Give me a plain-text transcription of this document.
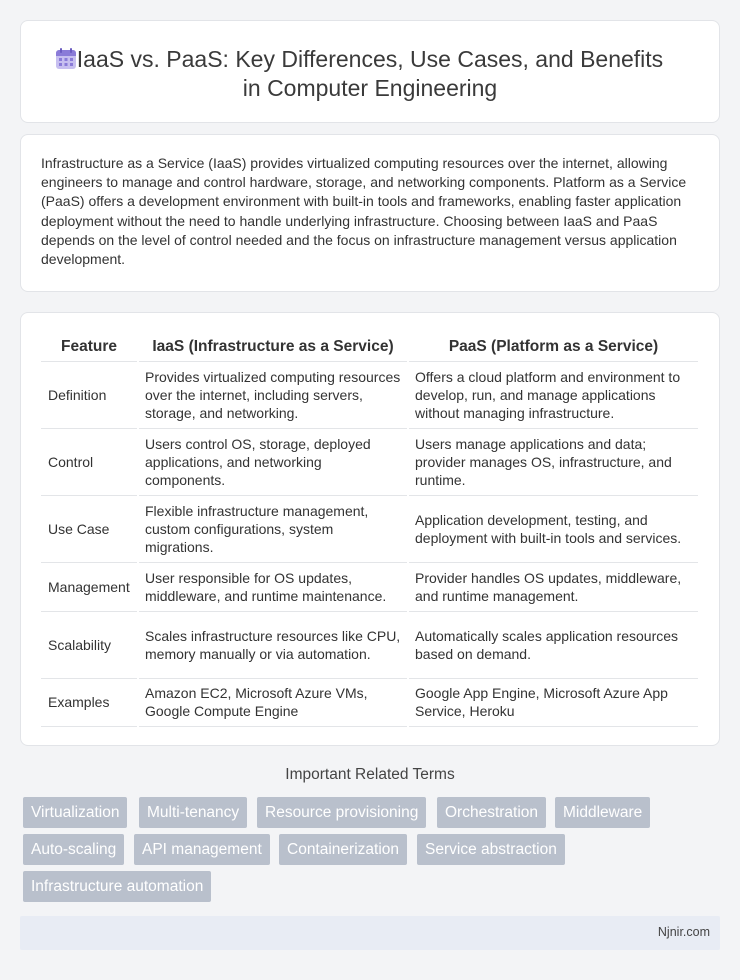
IaaS vs. PaaS: Key Differences, Use Cases, and Benefits
in Computer Engineering

Infrastructure as a Service (IaaS) provides virtualized computing resources over the internet, allowing engineers to manage and control hardware, storage, and networking components. Platform as a Service (PaaS) offers a development environment with built-in tools and frameworks, enabling faster application deployment without the need to handle underlying infrastructure. Choosing between IaaS and PaaS depends on the level of control needed and the focus on infrastructure management versus application development.

Feature	IaaS (Infrastructure as a Service)	PaaS (Platform as a Service)
Definition	Provides virtualized computing resources over the internet, including servers, storage, and networking.	Offers a cloud platform and environment to develop, run, and manage applications without managing infrastructure.
Control	Users control OS, storage, deployed applications, and networking components.	Users manage applications and data; provider manages OS, infrastructure, and runtime.
Use Case	Flexible infrastructure management, custom configurations, system migrations.	Application development, testing, and deployment with built-in tools and services.
Management	User responsible for OS updates, middleware, and runtime maintenance.	Provider handles OS updates, middleware, and runtime management.
Scalability	Scales infrastructure resources like CPU, memory manually or via automation.	Automatically scales application resources based on demand.
Examples	Amazon EC2, Microsoft Azure VMs, Google Compute Engine	Google App Engine, Microsoft Azure App Service, Heroku
Important Related Terms
Virtualization	Multi-tenancy	Resource provisioning	Orchestration	Middleware
Auto-scaling	API management	Containerization	Service abstraction
Infrastructure automation
Njnir.com
